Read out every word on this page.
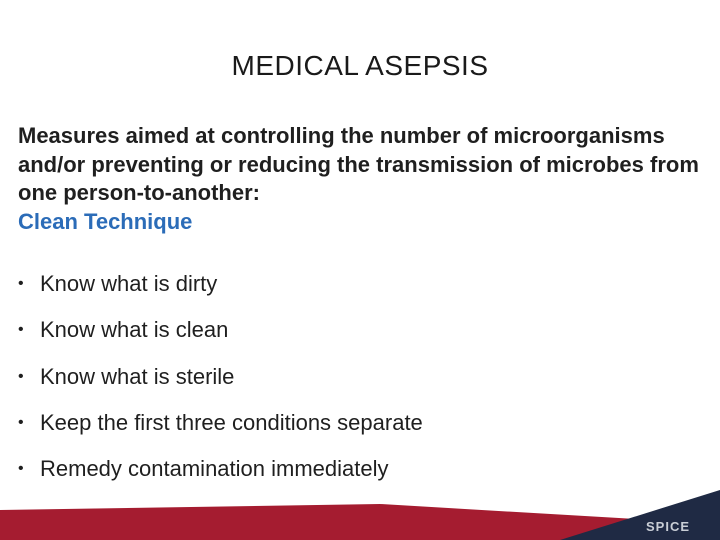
MEDICAL ASEPSIS
Measures aimed at controlling the number of microorganisms and/or preventing or reducing the transmission of microbes from one person-to-another:
Clean Technique
• Know what is dirty
• Know what is clean
• Know what is sterile
• Keep the first three conditions separate
• Remedy contamination immediately
SPICE
